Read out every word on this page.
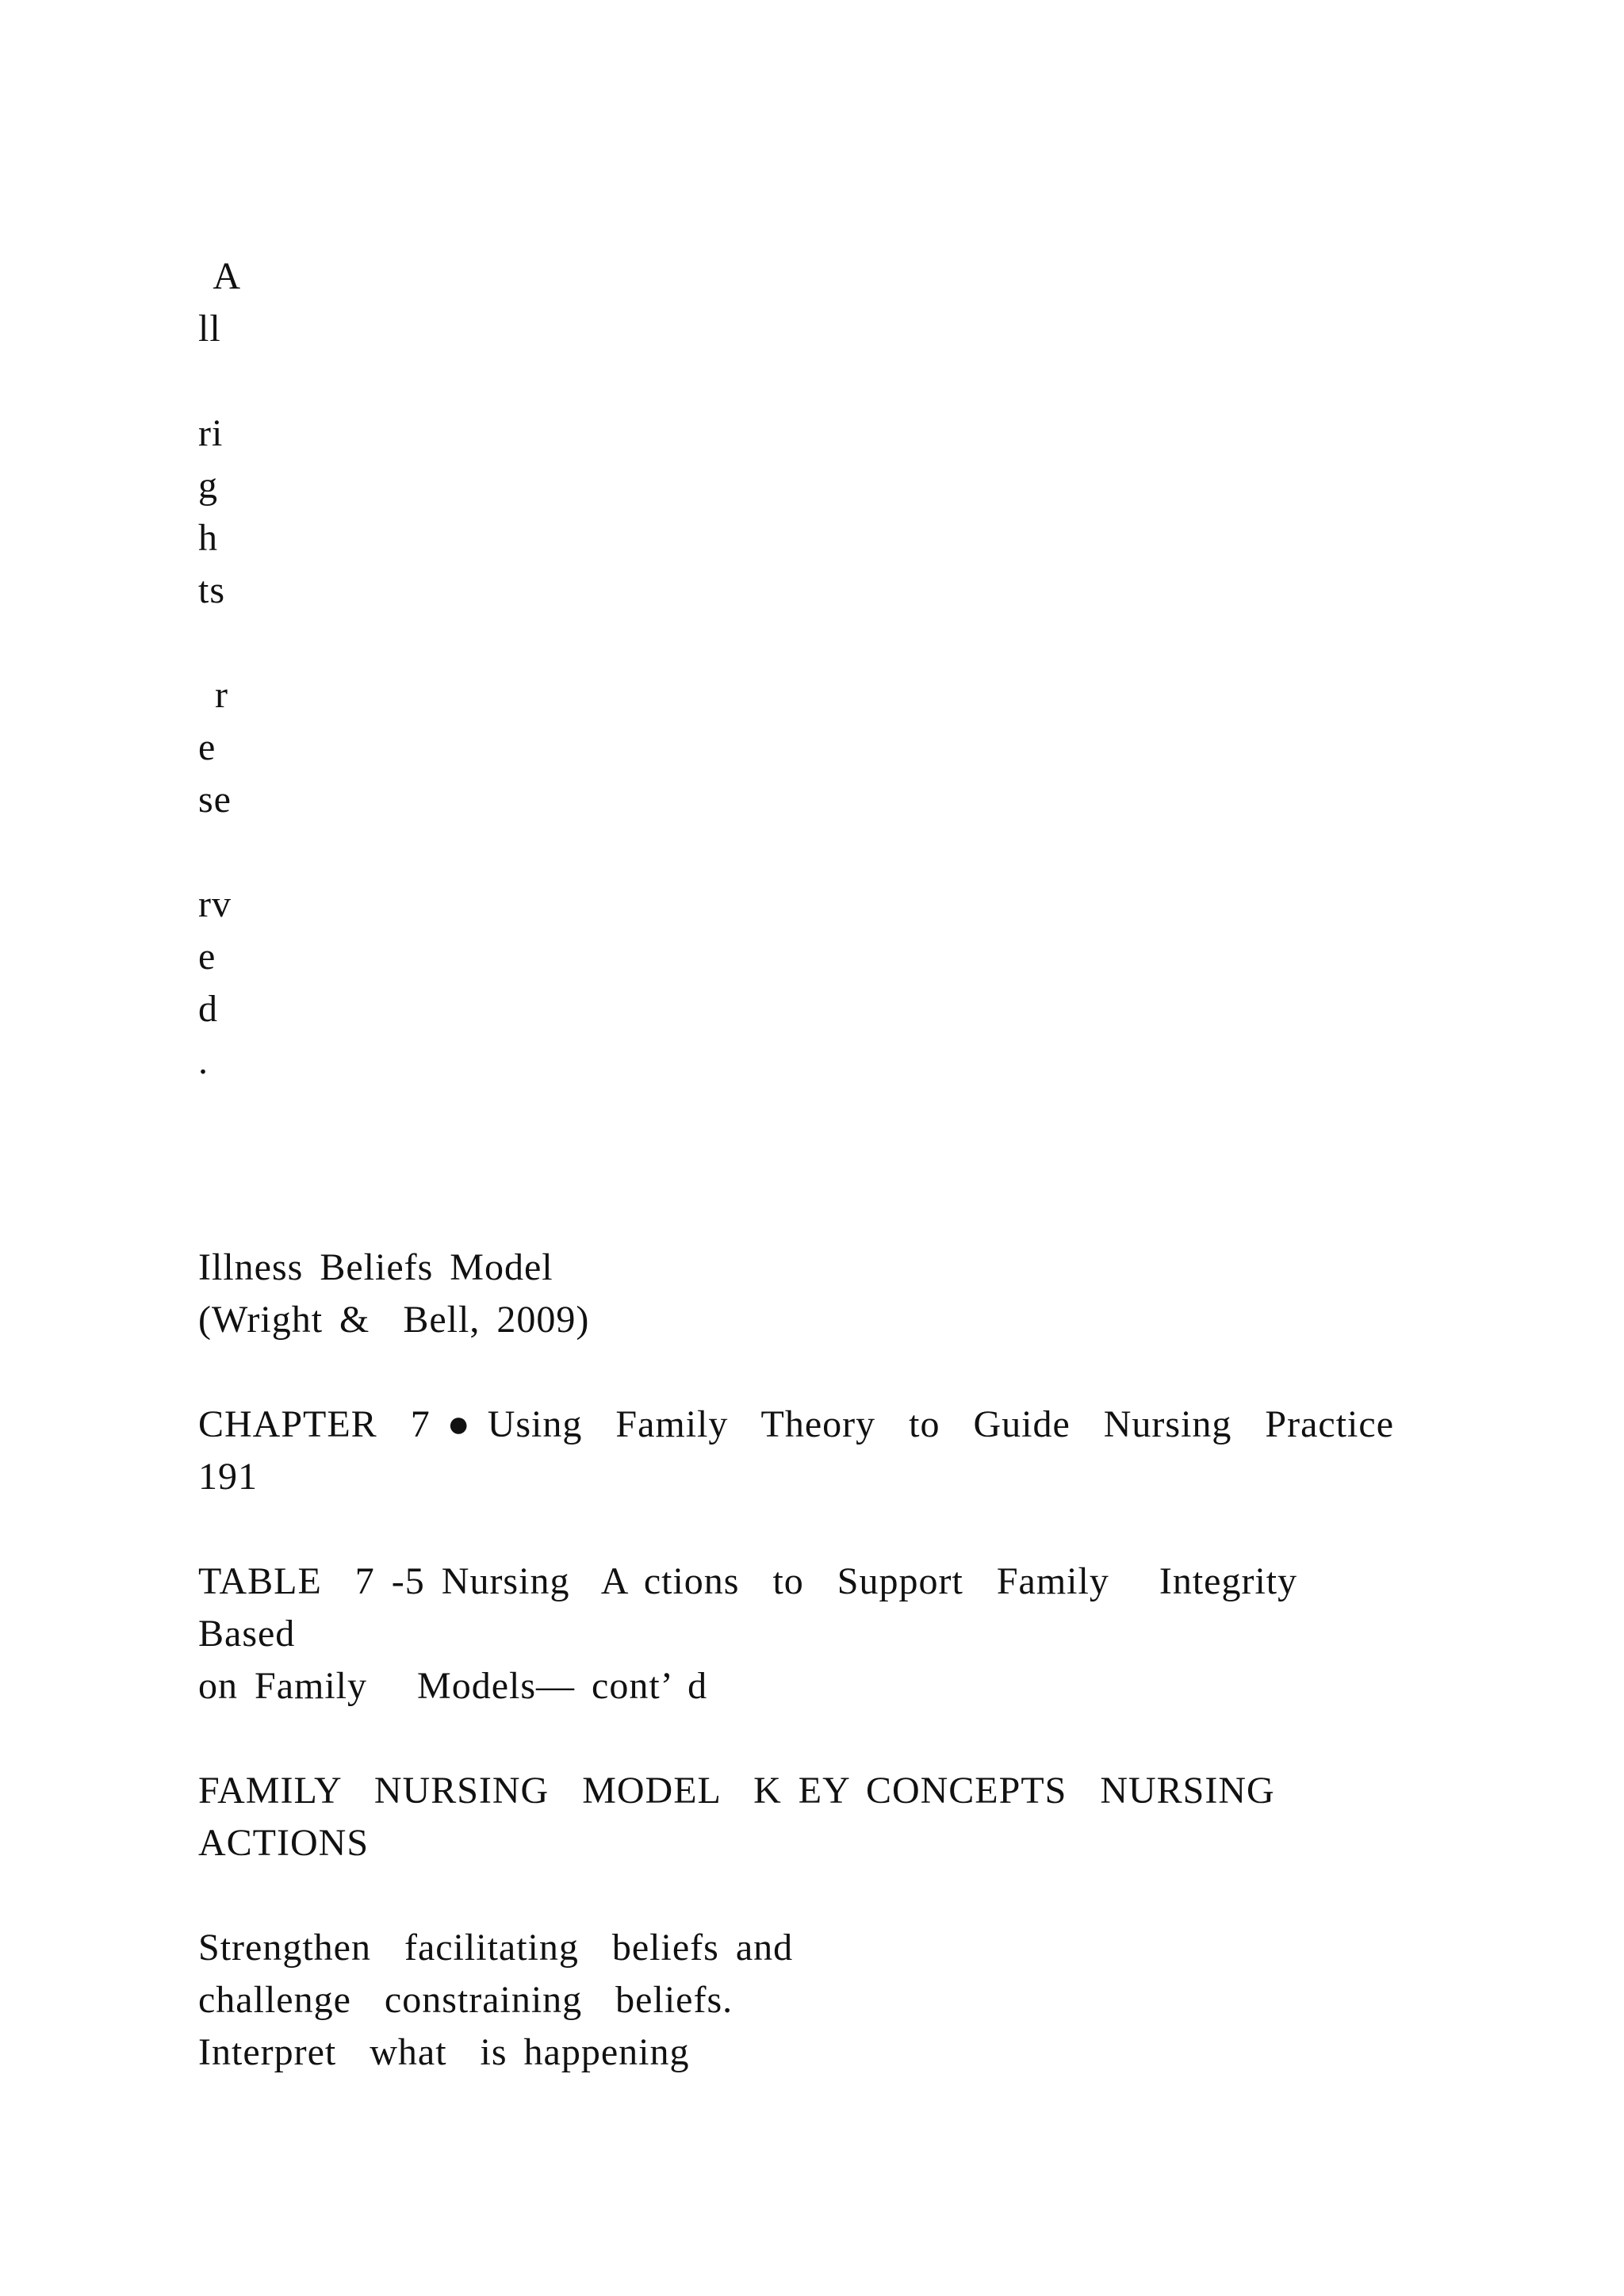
A
ll
ri
g
h
ts
r
e
se
rv
e
d
.
Illness Beliefs Model
(Wright &  Bell, 2009)
CHAPTER  7 ● Using  Family  Theory  to  Guide  Nursing  Practice
191
TABLE  7 -5 Nursing  A ctions  to  Support  Family   Integrity
Based
on Family   Models— cont’ d
FAMILY  NURSING  MODEL  K EY CONCEPTS  NURSING
ACTIONS
Strengthen  facilitating  beliefs and
challenge  constraining  beliefs.
Interpret  what  is happening
